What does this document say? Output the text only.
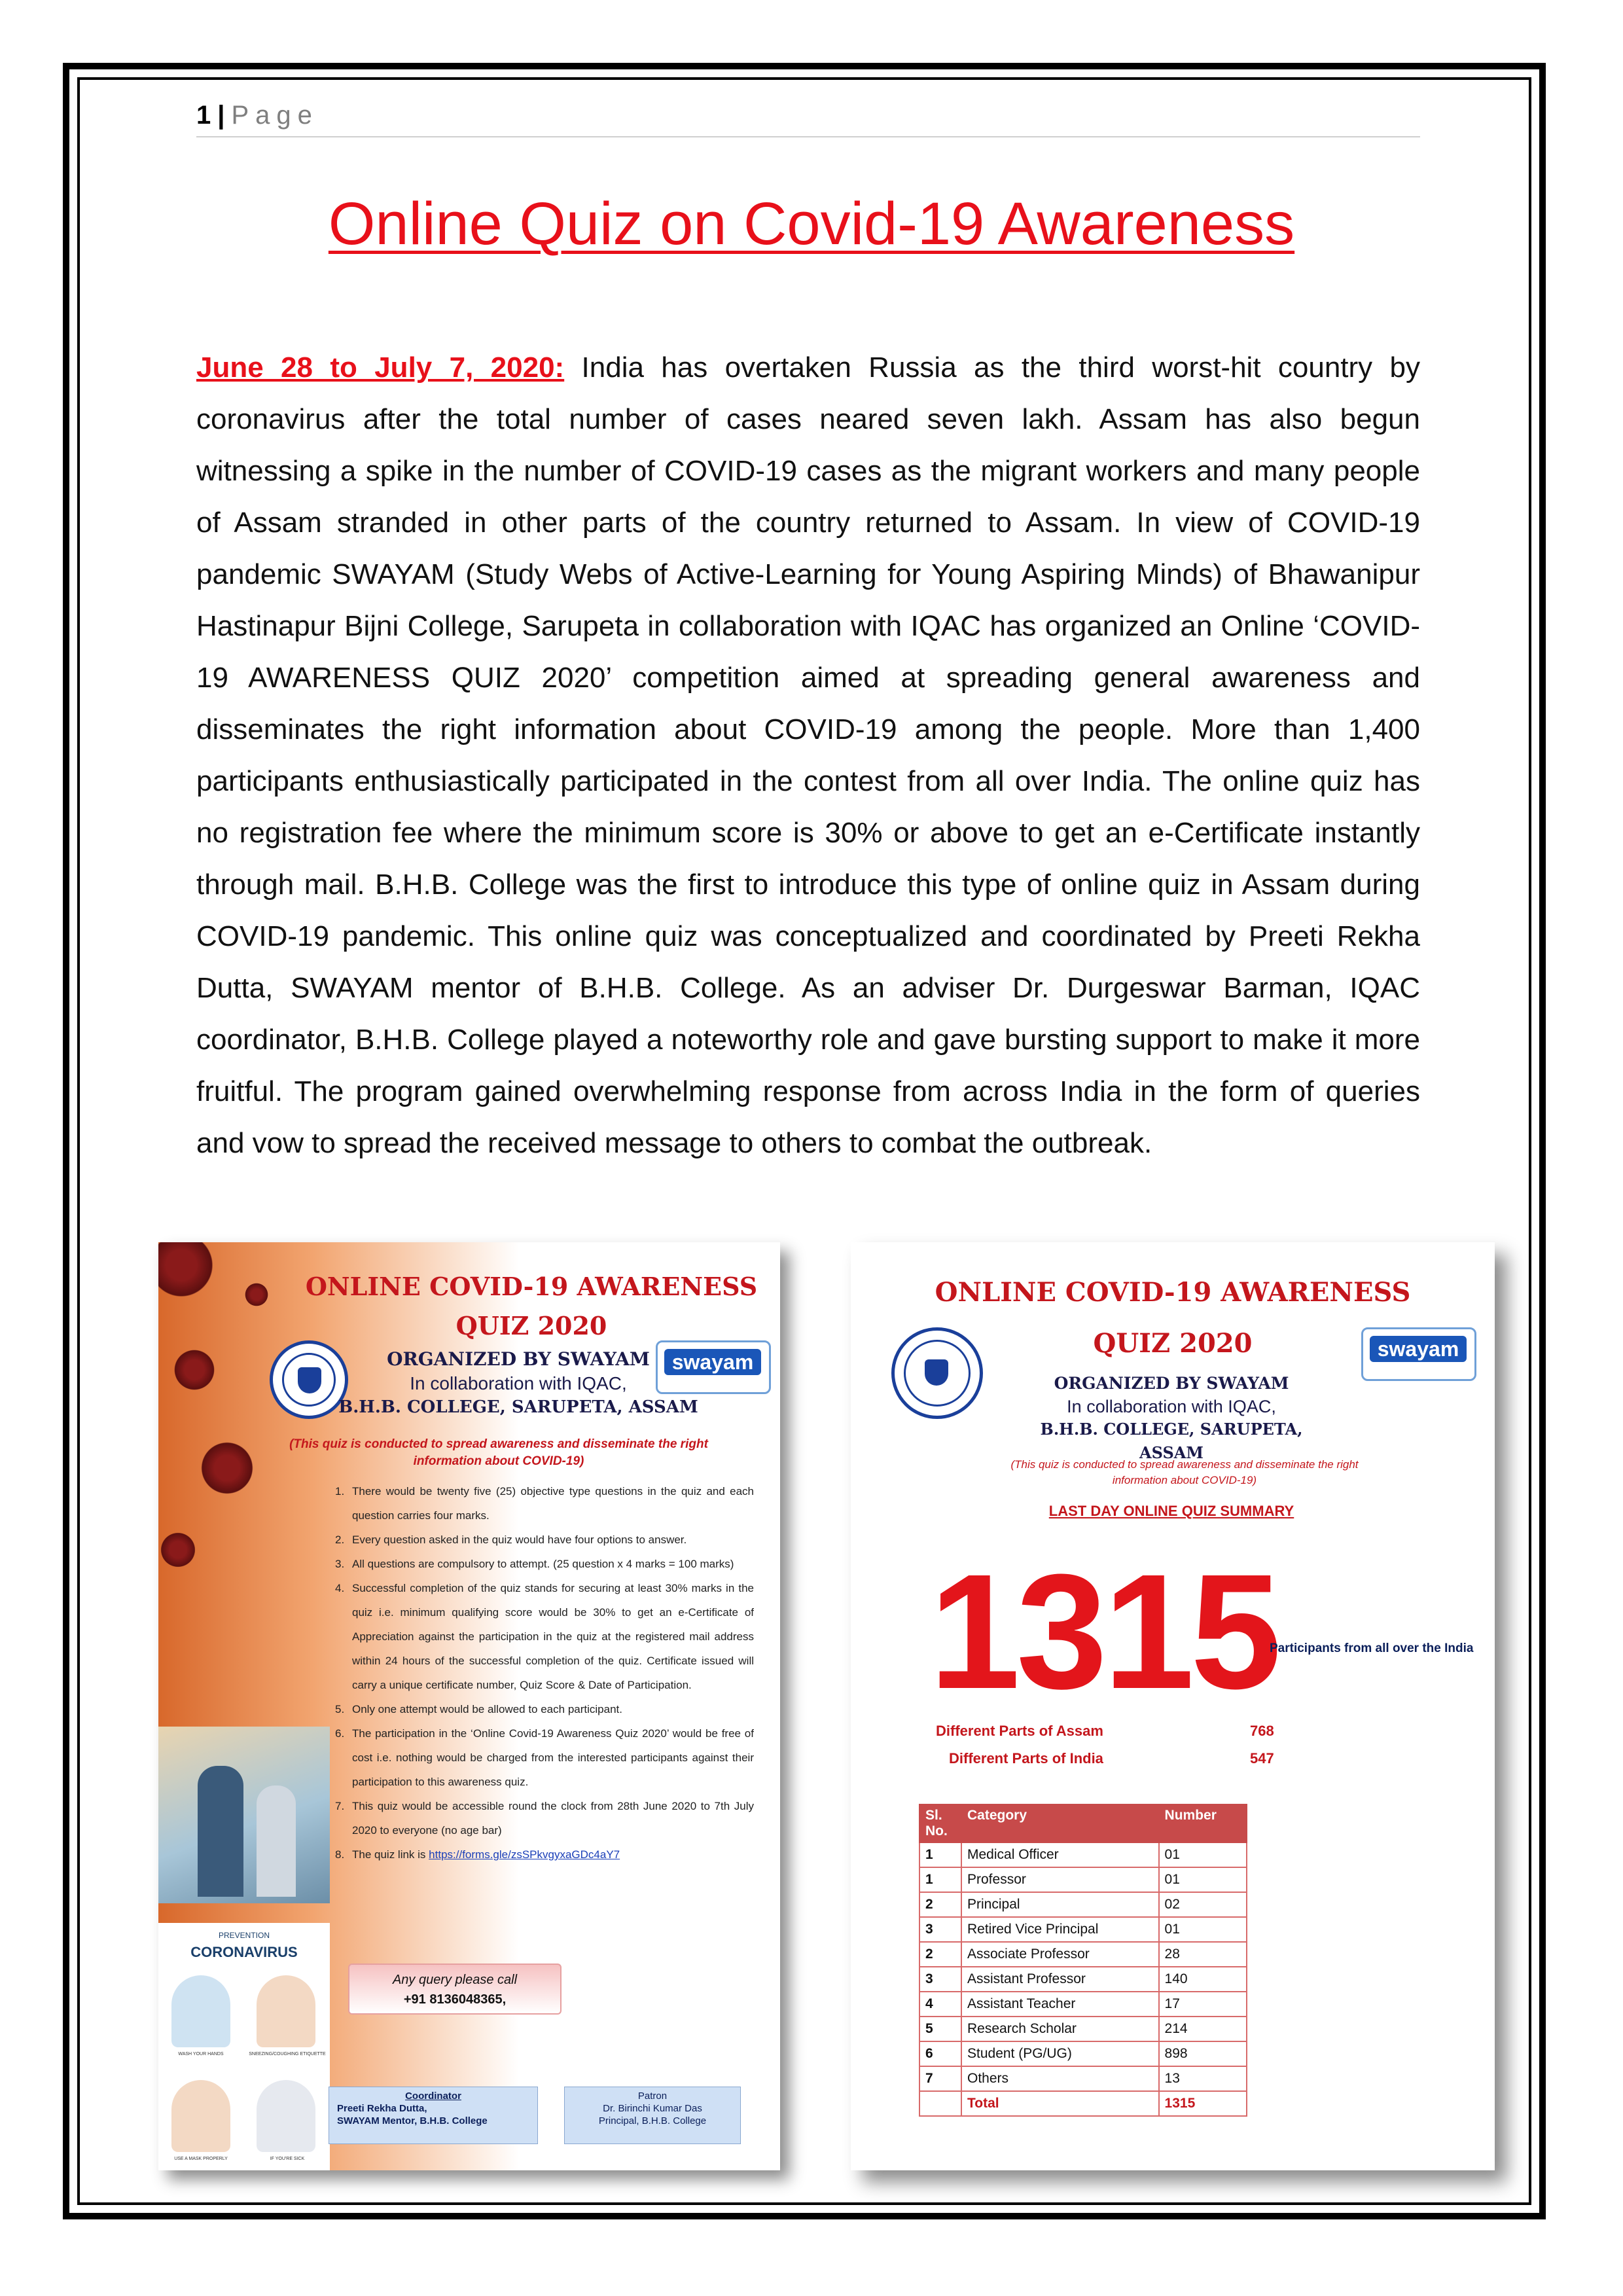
1 | Page
Online Quiz on Covid-19 Awareness
June 28 to July 7, 2020: India has overtaken Russia as the third worst-hit country by coronavirus after the total number of cases neared seven lakh. Assam has also begun witnessing a spike in the number of COVID-19 cases as the migrant workers and many people of Assam stranded in other parts of the country returned to Assam. In view of COVID-19 pandemic SWAYAM (Study Webs of Active-Learning for Young Aspiring Minds) of Bhawanipur Hastinapur Bijni College, Sarupeta in collaboration with IQAC has organized an Online ‘COVID-19 AWARENESS QUIZ 2020’ competition aimed at spreading general awareness and disseminates the right information about COVID-19 among the people. More than 1,400 participants enthusiastically participated in the contest from all over India. The online quiz has no registration fee where the minimum score is 30% or above to get an e-Certificate instantly through mail. B.H.B. College was the first to introduce this type of online quiz in Assam during COVID-19 pandemic. This online quiz was conceptualized and coordinated by Preeti Rekha Dutta, SWAYAM mentor of B.H.B. College. As an adviser Dr. Durgeswar Barman, IQAC coordinator, B.H.B. College played a noteworthy role and gave bursting support to make it more fruitful. The program gained overwhelming response from across India in the form of queries and vow to spread the received message to others to combat the outbreak.
ONLINE COVID-19 AWARENESS
QUIZ 2020
swayam
ORGANIZED BY SWAYAM
In collaboration with IQAC,
B.H.B. COLLEGE, SARUPETA, ASSAM
(This quiz is conducted to spread awareness and disseminate the right information about COVID-19)
1. There would be twenty five (25) objective type questions in the quiz and each question carries four marks.
2. Every question asked in the quiz would have four options to answer.
3. All questions are compulsory to attempt. (25 question x 4 marks = 100 marks)
4. Successful completion of the quiz stands for securing at least 30% marks in the quiz i.e. minimum qualifying score would be 30% to get an e-Certificate of Appreciation against the participation in the quiz at the registered mail address within 24 hours of the successful completion of the quiz. Certificate issued will carry a unique certificate number, Quiz Score & Date of Participation.
5. Only one attempt would be allowed to each participant.
6. The participation in the ‘Online Covid-19 Awareness Quiz 2020’ would be free of cost i.e. nothing would be charged from the interested participants against their participation to this awareness quiz.
7. This quiz would be accessible round the clock from 28th June 2020 to 7th July 2020 to everyone (no age bar)
8. The quiz link is https://forms.gle/zsSPkvgyxaGDc4aY7
PREVENTION
CORONAVIRUS
WASH YOUR HANDS	SNEEZING/COUGHING ETIQUETTE
USE A MASK PROPERLY	IF YOU'RE SICK
Any query please call
+91 8136048365,
Coordinator
Preeti Rekha Dutta,
SWAYAM Mentor, B.H.B. College
Patron
Dr. Birinchi Kumar Das
Principal, B.H.B. College
ONLINE COVID-19 AWARENESS
QUIZ 2020	swayam
ORGANIZED BY SWAYAM
In collaboration with IQAC,
B.H.B. COLLEGE, SARUPETA, ASSAM
(This quiz is conducted to spread awareness and disseminate the right information about COVID-19)
LAST DAY ONLINE QUIZ SUMMARY
1315
Participants from all over the India
Different Parts of Assam	768
Different Parts of India	547
Sl. No.	Category	Number
1	Medical Officer	01
1	Professor	01
2	Principal	02
3	Retired Vice Principal	01
2	Associate Professor	28
3	Assistant Professor	140
4	Assistant Teacher	17
5	Research Scholar	214
6	Student (PG/UG)	898
7	Others	13
	Total	1315
